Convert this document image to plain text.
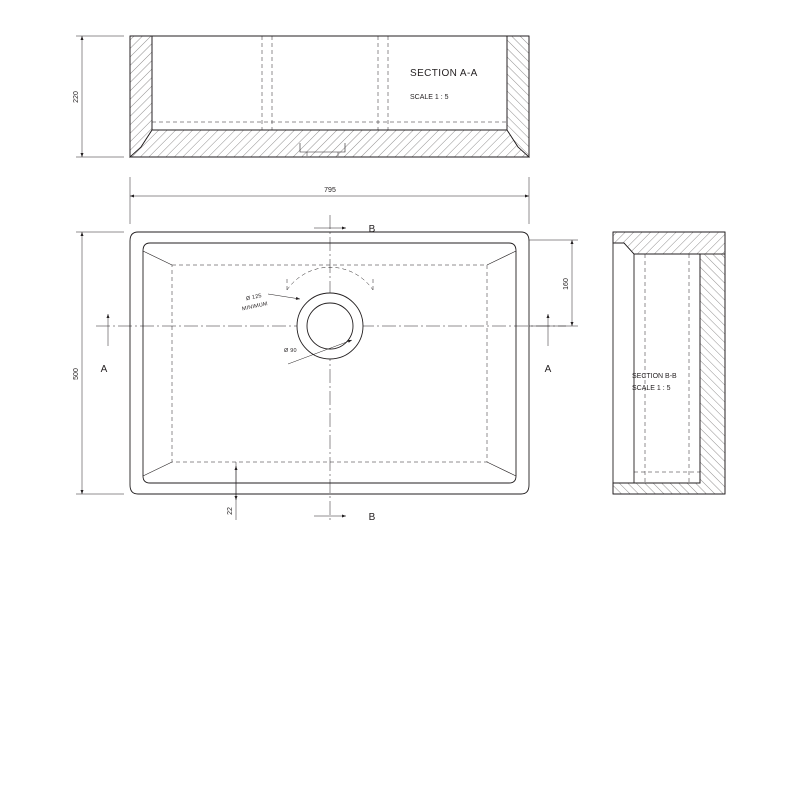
220
SECTION A-A
SCALE 1 : 5
Ø 125
MINIMUM
Ø 90
795
500
160
22
A	A
B
B
SECTION B-B
SCALE 1 : 5
